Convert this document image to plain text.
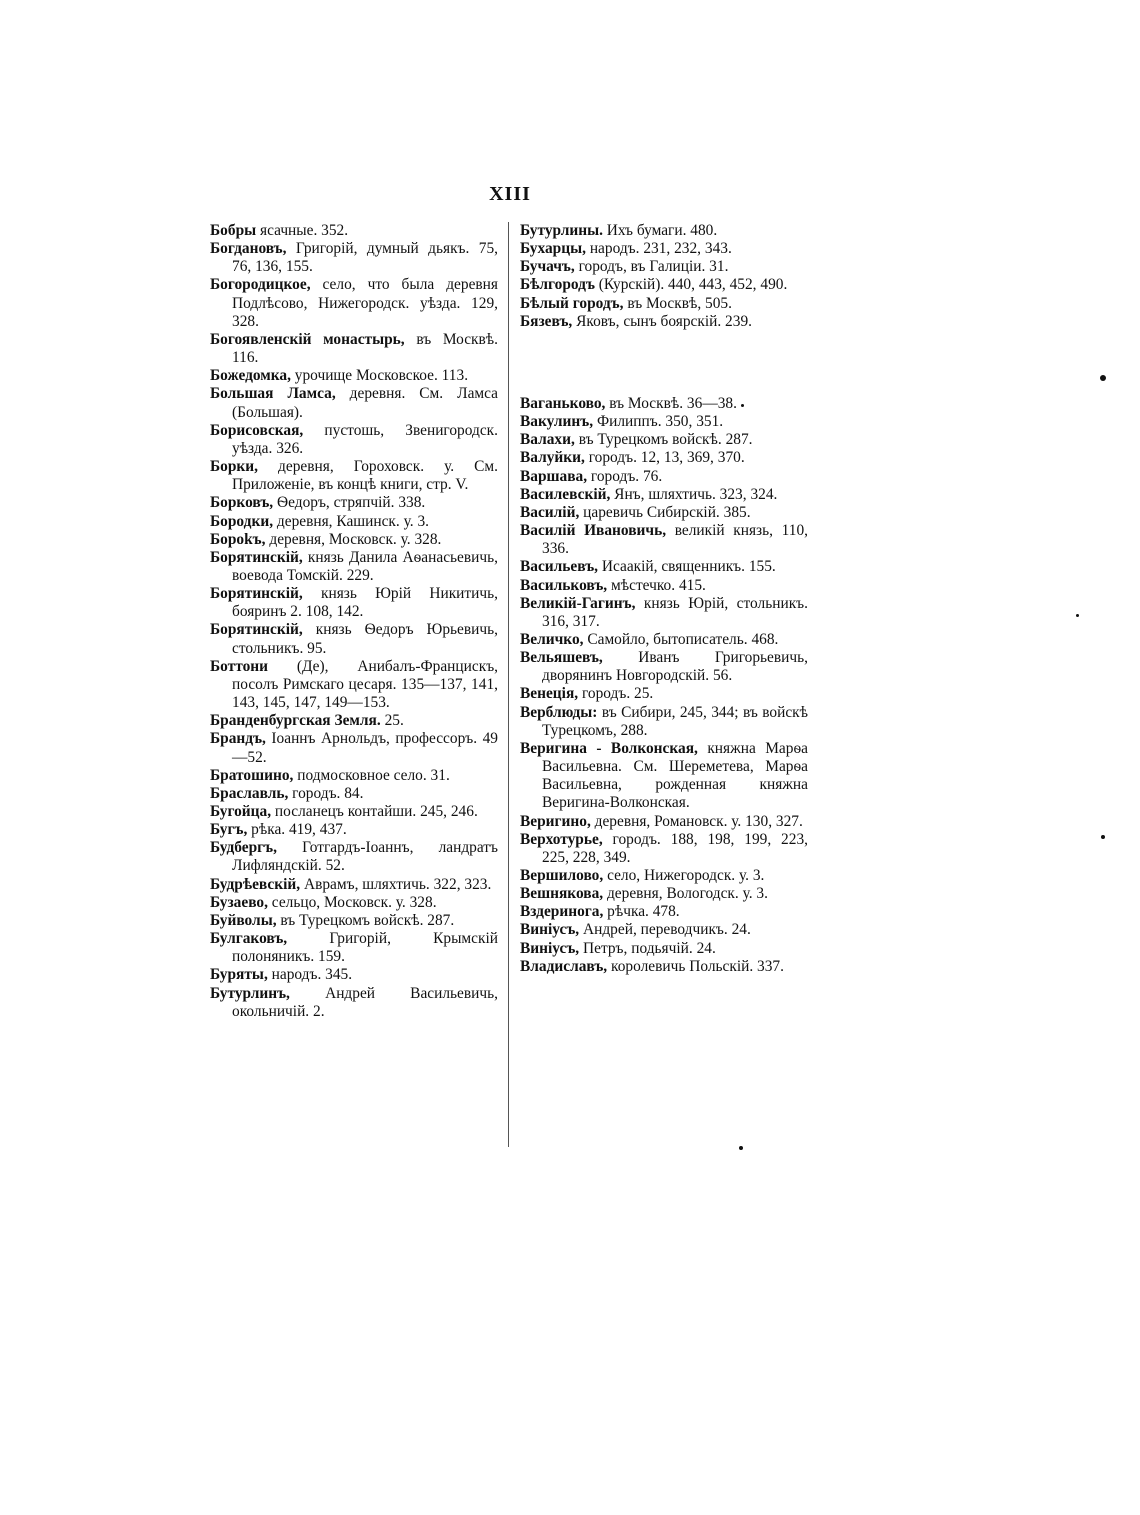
XIII

Бобры ясачные. 352.

Богдановъ, Григорій, думный дьякъ. 75, 76, 136, 155.

Богородицкое, село, что была деревня Подлѣсово, Нижегородск. уѣзда. 129, 328.

Богоявленскій монастырь, въ Москвѣ. 116.

Божедомка, урочище Московское. 113.

Большая Ламса, деревня. См. Ламса (Большая).

Борисовская, пустошь, Звенигородск. уѣзда. 326.

Борки, деревня, Гороховск. у. См. Приложеніе, въ концѣ книги, стр. V.

Борковъ, Ѳедоръ, стряпчій. 338.

Бородки, деревня, Кашинск. у. 3.

Бороkъ, деревня, Московск. у. 328.

Борятинскій, князь Данила Аѳанасьевичь, воевода Томскій. 229.

Борятинскій, князь Юрій Никитичь, бояринъ 2. 108, 142.

Борятинскій, князь Ѳедоръ Юрьевичь, стольникъ. 95.

Боттони (Де), Анибалъ-Францискъ, посолъ Римскаго цесаря. 135—137, 141, 143, 145, 147, 149—153.

Бранденбургская Земля. 25.

Брандъ, Іоаннъ Арнольдъ, профессоръ. 49—52.

Братошино, подмосковное село. 31.

Браславль, городъ. 84.

Бугойца, посланецъ контайши. 245, 246.

Бугъ, рѣка. 419, 437.

Будбергъ, Готгардъ-Іоаннъ, ландратъ Лифляндскій. 52.

Будрѣевскій, Аврамъ, шляхтичь. 322, 323.

Бузаево, сельцо, Московск. у. 328.

Буйволы, въ Турецкомъ войскѣ. 287.

Булгаковъ, Григорій, Крымскій полоняникъ. 159.

Буряты, народъ. 345.

Бутурлинъ, Андрей Васильевичь, окольничій. 2.

Бутурлины. Ихъ бумаги. 480.

Бухарцы, народъ. 231, 232, 343.

Бучачъ, городъ, въ Галиціи. 31.

Бѣлгородъ (Курскій). 440, 443, 452, 490.

Бѣлый городъ, въ Москвѣ, 505.

Бязевъ, Яковъ, сынъ боярскій. 239.

Ваганьково, въ Москвѣ. 36—38.

Вакулинъ, Филиппъ. 350, 351.

Валахи, въ Турецкомъ войскѣ. 287.

Валуйки, городъ. 12, 13, 369, 370.

Варшава, городъ. 76.

Василевскій, Янъ, шляхтичь. 323, 324.

Василій, царевичь Сибирскій. 385.

Василій Ивановичь, великій князь, 110, 336.

Васильевъ, Исаакій, священникъ. 155.

Васильковъ, мѣстечко. 415.

Великій-Гагинъ, князь Юрій, стольникъ. 316, 317.

Величко, Самойло, бытописатель. 468.

Вельяшевъ, Иванъ Григорьевичь, дворянинъ Новгородскій. 56.

Венеція, городъ. 25.

Верблюды: въ Сибири, 245, 344; въ войскѣ Турецкомъ, 288.

Веригина - Волконская, княжна Марѳа Васильевна. См. Шереметева, Марѳа Васильевна, рожденная княжна Веригина-Волконская.

Веригино, деревня, Романовск. у. 130, 327.

Верхотурье, городъ. 188, 198, 199, 223, 225, 228, 349.

Вершилово, село, Нижегородск. у. 3.

Вешнякова, деревня, Вологодск. у. 3.

Вздеринога, рѣчка. 478.

Виніусъ, Андрей, переводчикъ. 24.

Виніусъ, Петръ, подьячій. 24.

Владиславъ, королевичь Польскій. 337.
